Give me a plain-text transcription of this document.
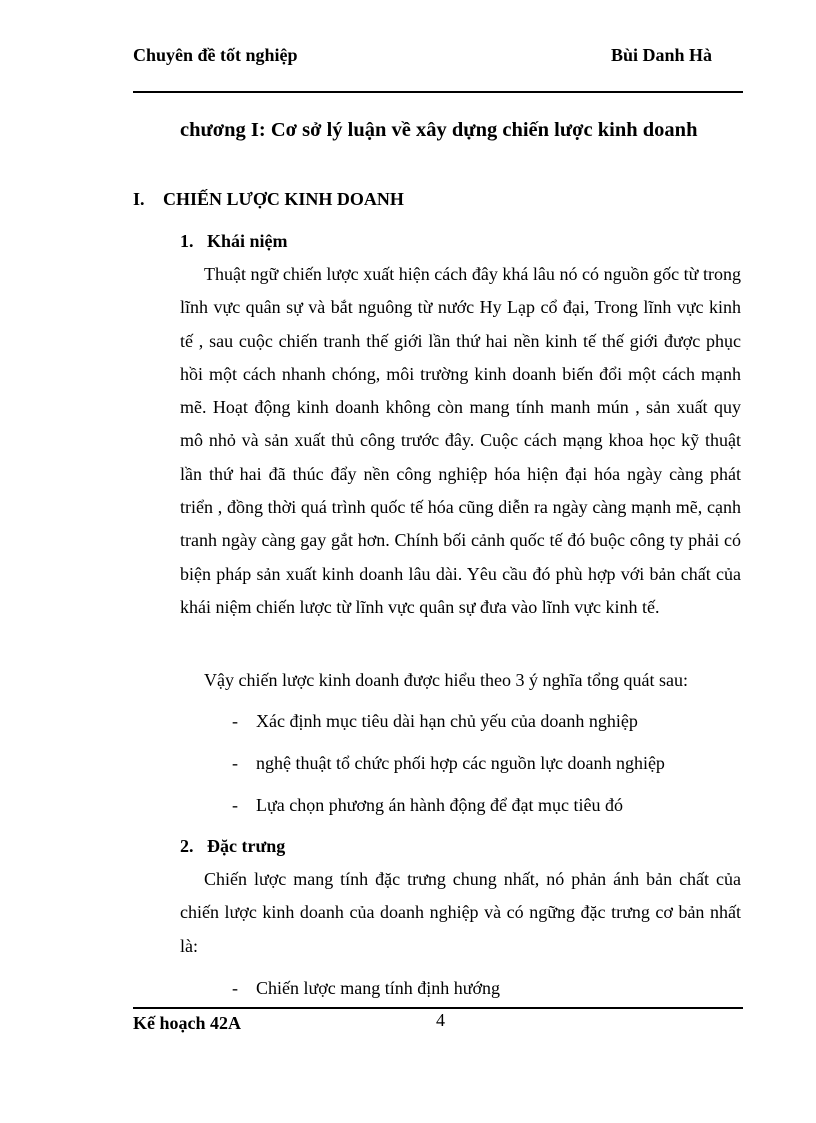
Chuyên đề tốt nghiệp	Bùi Danh Hà
chương I: Cơ sở lý luận về xây dựng chiến lược kinh doanh
I. CHIẾN LƯỢC KINH DOANH
1. Khái niệm

Thuật ngữ chiến lược xuất hiện cách đây khá lâu nó có nguồn gốc từ trong lĩnh vực quân sự và bắt nguông từ nước Hy Lạp cổ đại, Trong lĩnh vực kinh tế , sau cuộc chiến tranh thế giới lần thứ hai nền kinh tế thế giới được phục hồi một cách nhanh chóng, môi trường kinh doanh biến đổi một cách mạnh mẽ. Hoạt động kinh doanh không còn mang tính manh mún , sản xuất quy mô nhỏ và sản xuất thủ công trước đây. Cuộc cách mạng khoa học kỹ thuật lần thứ hai đã thúc đẩy nền công nghiệp hóa hiện đại hóa ngày càng phát triển , đồng thời quá trình quốc tế hóa cũng diễn ra ngày càng mạnh mẽ, cạnh tranh ngày càng gay gắt hơn. Chính bối cảnh quốc tế đó buộc công ty phải có biện pháp sản xuất kinh doanh lâu dài. Yêu cầu đó phù hợp với bản chất của khái niệm chiến lược từ lĩnh vực quân sự đưa vào lĩnh vực kinh tế.

Vậy chiến lược kinh doanh được hiểu theo 3 ý nghĩa tổng quát sau:
- Xác định mục tiêu dài hạn chủ yếu của doanh nghiệp
- nghệ thuật tổ chức phối hợp các nguồn lực doanh nghiệp
- Lựa chọn phương án hành động để đạt mục tiêu đó
2. Đặc trưng

Chiến lược mang tính đặc trưng chung nhất, nó phản ánh bản chất của chiến lược kinh doanh của doanh nghiệp và có ngững đặc trưng cơ bản nhất là:

- Chiến lược mang tính định hướng
Kế hoạch 42A	4
